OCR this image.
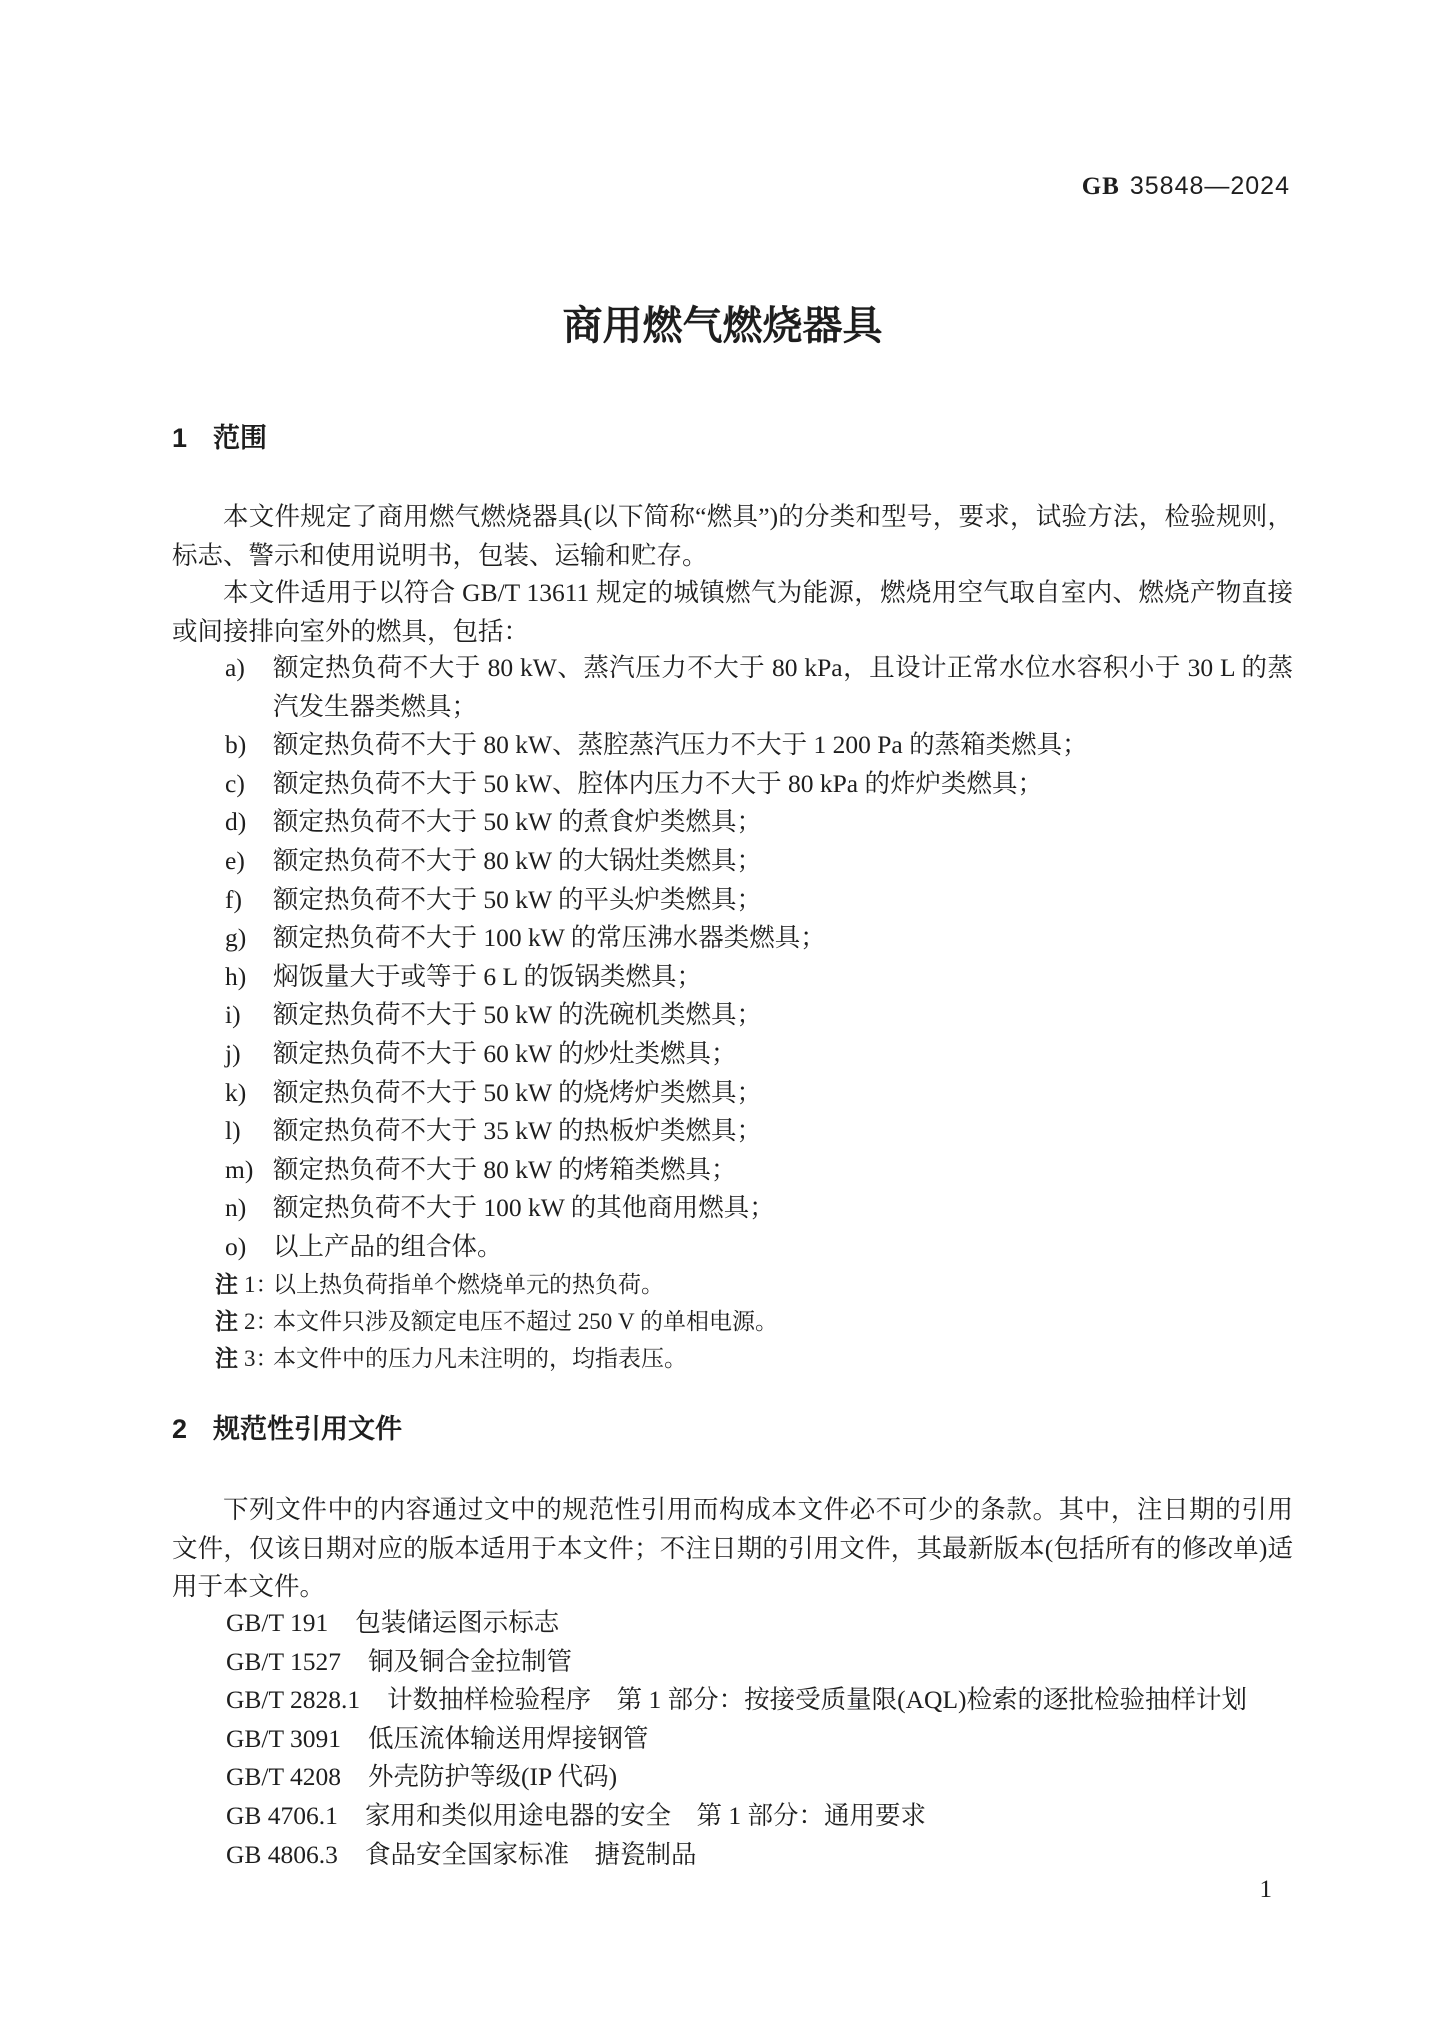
GB 35848—2024
商用燃气燃烧器具
1 范围
本文件规定了商用燃气燃烧器具(以下简称“燃具”)的分类和型号，要求，试验方法，检验规则，标志、警示和使用说明书，包装、运输和贮存。
本文件适用于以符合 GB/T 13611 规定的城镇燃气为能源，燃烧用空气取自室内、燃烧产物直接或间接排向室外的燃具，包括：
a) 额定热负荷不大于 80 kW、蒸汽压力不大于 80 kPa，且设计正常水位水容积小于 30 L 的蒸汽发生器类燃具；
b) 额定热负荷不大于 80 kW、蒸腔蒸汽压力不大于 1 200 Pa 的蒸箱类燃具；
c) 额定热负荷不大于 50 kW、腔体内压力不大于 80 kPa 的炸炉类燃具；
d) 额定热负荷不大于 50 kW 的煮食炉类燃具；
e) 额定热负荷不大于 80 kW 的大锅灶类燃具；
f) 额定热负荷不大于 50 kW 的平头炉类燃具；
g) 额定热负荷不大于 100 kW 的常压沸水器类燃具；
h) 焖饭量大于或等于 6 L 的饭锅类燃具；
i) 额定热负荷不大于 50 kW 的洗碗机类燃具；
j) 额定热负荷不大于 60 kW 的炒灶类燃具；
k) 额定热负荷不大于 50 kW 的烧烤炉类燃具；
l) 额定热负荷不大于 35 kW 的热板炉类燃具；
m) 额定热负荷不大于 80 kW 的烤箱类燃具；
n) 额定热负荷不大于 100 kW 的其他商用燃具；
o) 以上产品的组合体。
注 1：
以上热负荷指单个燃烧单元的热负荷。
注 2：
本文件只涉及额定电压不超过 250 V 的单相电源。
注 3：
本文件中的压力凡未注明的，均指表压。
2 规范性引用文件
下列文件中的内容通过文中的规范性引用而构成本文件必不可少的条款。其中，注日期的引用文件，仅该日期对应的版本适用于本文件；不注日期的引用文件，其最新版本(包括所有的修改单)适用于本文件。
GB/T 191 包装储运图示标志
GB/T 1527 铜及铜合金拉制管
GB/T 2828.1 计数抽样检验程序　第 1 部分：按接受质量限(AQL)检索的逐批检验抽样计划
GB/T 3091 低压流体输送用焊接钢管
GB/T 4208 外壳防护等级(IP 代码)
GB 4706.1 家用和类似用途电器的安全　第 1 部分：通用要求
GB 4806.3 食品安全国家标准　搪瓷制品
1
